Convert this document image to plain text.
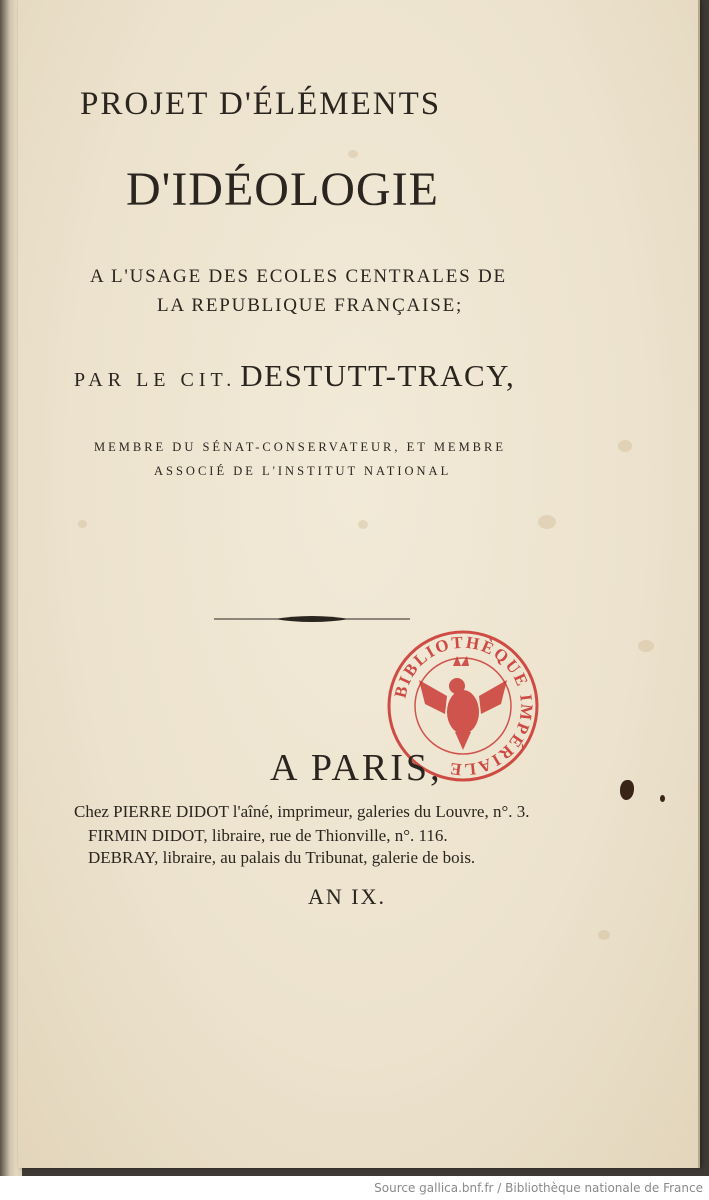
PROJET D'ÉLÉMENTS
D'IDÉOLOGIE
A L'USAGE DES ECOLES CENTRALES DE
LA REPUBLIQUE FRANÇAISE;
PAR LE CIT. DESTUTT-TRACY,
MEMBRE DU SÉNAT-CONSERVATEUR, ET MEMBRE
ASSOCIÉ DE L'INSTITUT NATIONAL
BIBLIOTHÈQUE IMPÉRIALE
A PARIS,
Chez PIERRE DIDOT l'aîné, imprimeur, galeries du Louvre, n°. 3.
FIRMIN DIDOT, libraire, rue de Thionville, n°. 116.
DEBRAY, libraire, au palais du Tribunat, galerie de bois.
AN IX.
Source gallica.bnf.fr / Bibliothèque nationale de France
